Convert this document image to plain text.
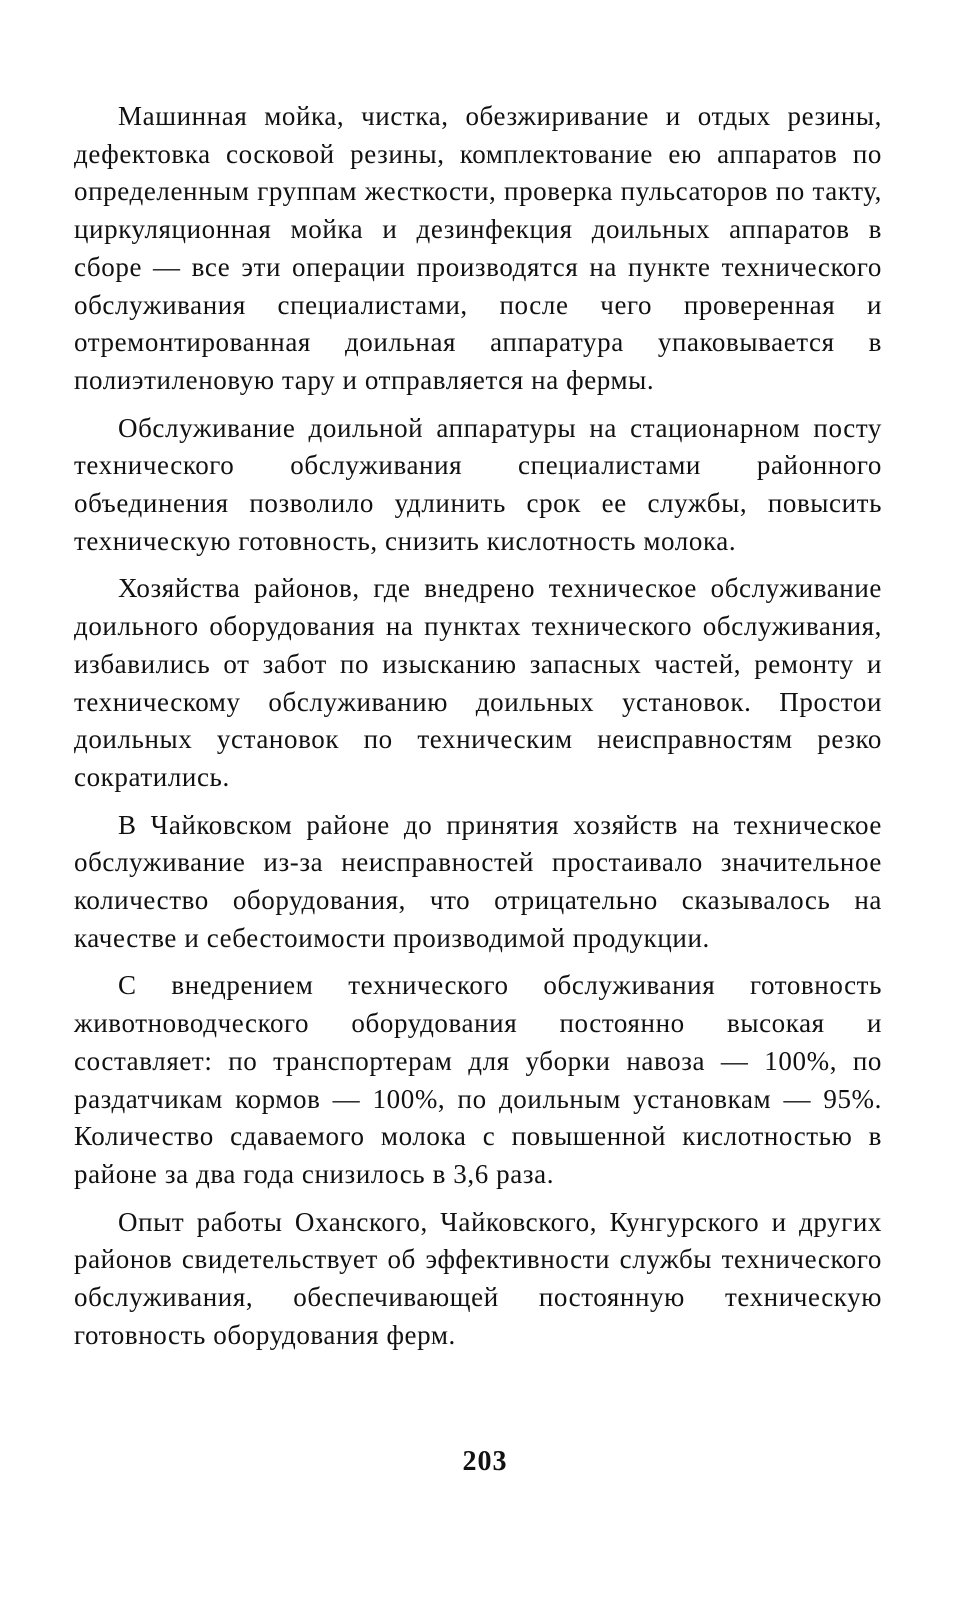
Машинная мойка, чистка, обезжиривание и отдых резины, дефектовка сосковой резины, комплектование ею аппаратов по определенным группам жесткости, проверка пульсаторов по такту, циркуляционная мойка и дезинфекция доильных аппаратов в сборе — все эти операции производятся на пункте технического обслуживания специалистами, после чего проверенная и отремонтированная доильная аппаратура упаковывается в полиэтиленовую тару и отправляется на фермы.

Обслуживание доильной аппаратуры на стационарном посту технического обслуживания специалистами районного объединения позволило удлинить срок ее службы, повысить техническую готовность, снизить кислотность молока.

Хозяйства районов, где внедрено техническое обслуживание доильного оборудования на пунктах технического обслуживания, избавились от забот по изысканию запасных частей, ремонту и техническому обслуживанию доильных установок. Простои доильных установок по техническим неисправностям резко сократились.

В Чайковском районе до принятия хозяйств на техническое обслуживание из-за неисправностей простаивало значительное количество оборудования, что отрицательно сказывалось на качестве и себестоимости производимой продукции.

С внедрением технического обслуживания готовность животноводческого оборудования постоянно высокая и составляет: по транспортерам для уборки навоза — 100%, по раздатчикам кормов — 100%, по доильным установкам — 95%. Количество сдаваемого молока с повышенной кислотностью в районе за два года снизилось в 3,6 раза.

Опыт работы Оханского, Чайковского, Кунгурского и других районов свидетельствует об эффективности службы технического обслуживания, обеспечивающей постоянную техническую готовность оборудования ферм.

203
